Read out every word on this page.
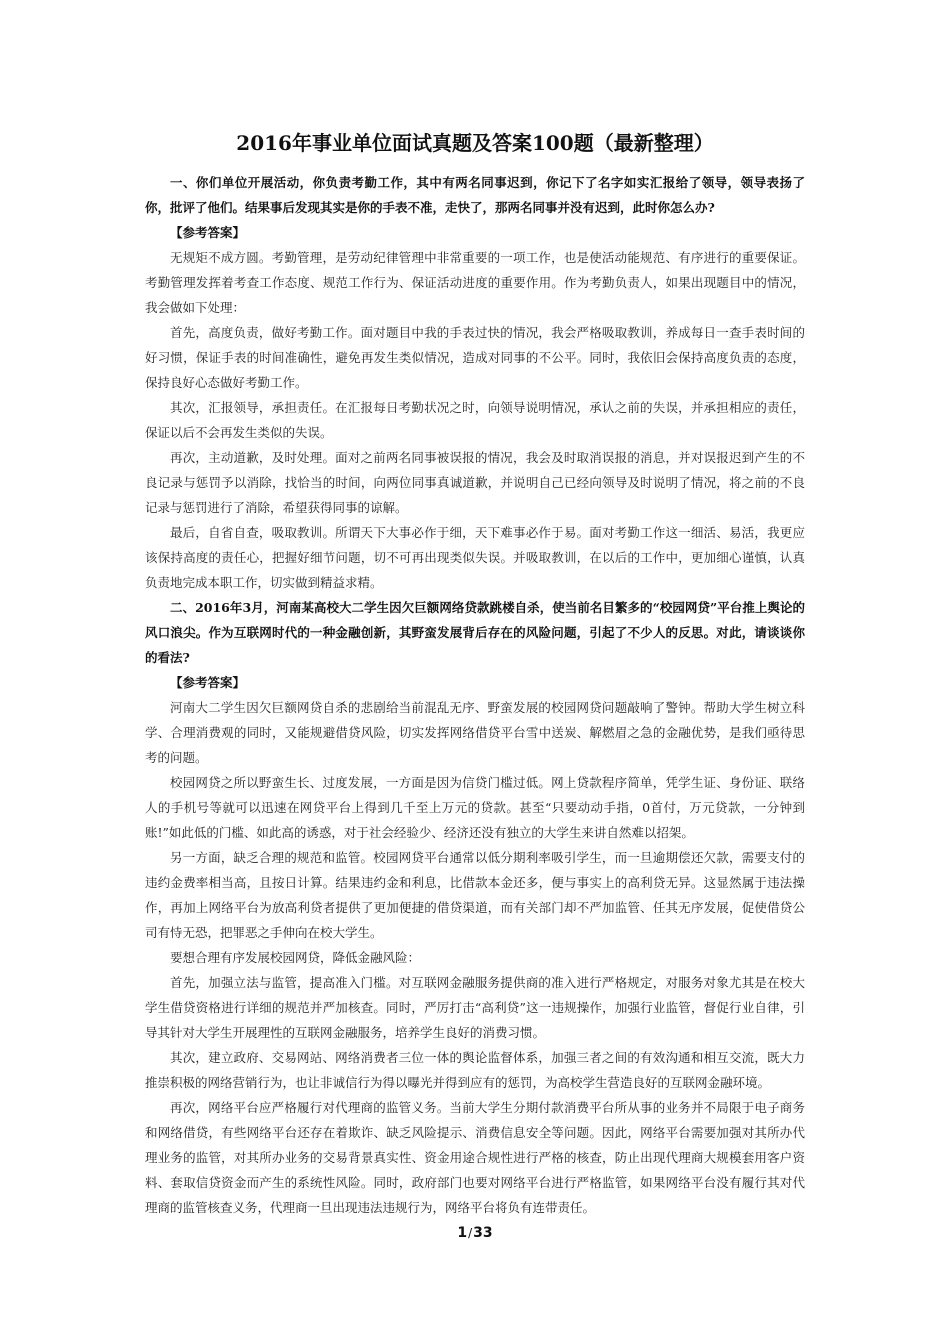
2016年事业单位面试真题及答案100题（最新整理）

一、你们单位开展活动，你负责考勤工作，其中有两名同事迟到，你记下了名字如实汇报给了领导，领导表扬了你，批评了他们。结果事后发现其实是你的手表不准，走快了，那两名同事并没有迟到，此时你怎么办?

【参考答案】

无规矩不成方圆。考勤管理，是劳动纪律管理中非常重要的一项工作，也是使活动能规范、有序进行的重要保证。考勤管理发挥着考查工作态度、规范工作行为、保证活动进度的重要作用。作为考勤负责人，如果出现题目中的情况，我会做如下处理：

首先，高度负责，做好考勤工作。面对题目中我的手表过快的情况，我会严格吸取教训，养成每日一查手表时间的好习惯，保证手表的时间准确性，避免再发生类似情况，造成对同事的不公平。同时，我依旧会保持高度负责的态度，保持良好心态做好考勤工作。

其次，汇报领导，承担责任。在汇报每日考勤状况之时，向领导说明情况，承认之前的失误，并承担相应的责任，保证以后不会再发生类似的失误。

再次，主动道歉，及时处理。面对之前两名同事被误报的情况，我会及时取消误报的消息，并对误报迟到产生的不良记录与惩罚予以消除，找恰当的时间，向两位同事真诚道歉，并说明自己已经向领导及时说明了情况，将之前的不良记录与惩罚进行了消除，希望获得同事的谅解。

最后，自省自查，吸取教训。所谓天下大事必作于细，天下难事必作于易。面对考勤工作这一细活、易活，我更应该保持高度的责任心，把握好细节问题，切不可再出现类似失误。并吸取教训，在以后的工作中，更加细心谨慎，认真负责地完成本职工作，切实做到精益求精。

二、2016年3月，河南某高校大二学生因欠巨额网络贷款跳楼自杀，使当前名目繁多的“校园网贷”平台推上舆论的风口浪尖。作为互联网时代的一种金融创新，其野蛮发展背后存在的风险问题，引起了不少人的反思。对此，请谈谈你的看法?

【参考答案】

河南大二学生因欠巨额网贷自杀的悲剧给当前混乱无序、野蛮发展的校园网贷问题敲响了警钟。帮助大学生树立科学、合理消费观的同时，又能规避借贷风险，切实发挥网络借贷平台雪中送炭、解燃眉之急的金融优势，是我们亟待思考的问题。

校园网贷之所以野蛮生长、过度发展，一方面是因为信贷门槛过低。网上贷款程序简单，凭学生证、身份证、联络人的手机号等就可以迅速在网贷平台上得到几千至上万元的贷款。甚至“只要动动手指，0首付，万元贷款，一分钟到账!”如此低的门槛、如此高的诱惑，对于社会经验少、经济还没有独立的大学生来讲自然难以招架。

另一方面，缺乏合理的规范和监管。校园网贷平台通常以低分期利率吸引学生，而一旦逾期偿还欠款，需要支付的违约金费率相当高，且按日计算。结果违约金和利息，比借款本金还多，便与事实上的高利贷无异。这显然属于违法操作，再加上网络平台为放高利贷者提供了更加便捷的借贷渠道，而有关部门却不严加监管、任其无序发展，促使借贷公司有恃无恐，把罪恶之手伸向在校大学生。

要想合理有序发展校园网贷，降低金融风险：

首先，加强立法与监管，提高准入门槛。对互联网金融服务提供商的准入进行严格规定，对服务对象尤其是在校大学生借贷资格进行详细的规范并严加核查。同时，严厉打击“高利贷”这一违规操作，加强行业监管，督促行业自律，引导其针对大学生开展理性的互联网金融服务，培养学生良好的消费习惯。

其次，建立政府、交易网站、网络消费者三位一体的舆论监督体系，加强三者之间的有效沟通和相互交流，既大力推崇积极的网络营销行为，也让非诚信行为得以曝光并得到应有的惩罚，为高校学生营造良好的互联网金融环境。

再次，网络平台应严格履行对代理商的监管义务。当前大学生分期付款消费平台所从事的业务并不局限于电子商务和网络借贷，有些网络平台还存在着欺诈、缺乏风险提示、消费信息安全等问题。因此，网络平台需要加强对其所办代理业务的监管，对其所办业务的交易背景真实性、资金用途合规性进行严格的核查，防止出现代理商大规模套用客户资料、套取信贷资金而产生的系统性风险。同时，政府部门也要对网络平台进行严格监管，如果网络平台没有履行其对代理商的监管核查义务，代理商一旦出现违法违规行为，网络平台将负有连带责任。

1/33
